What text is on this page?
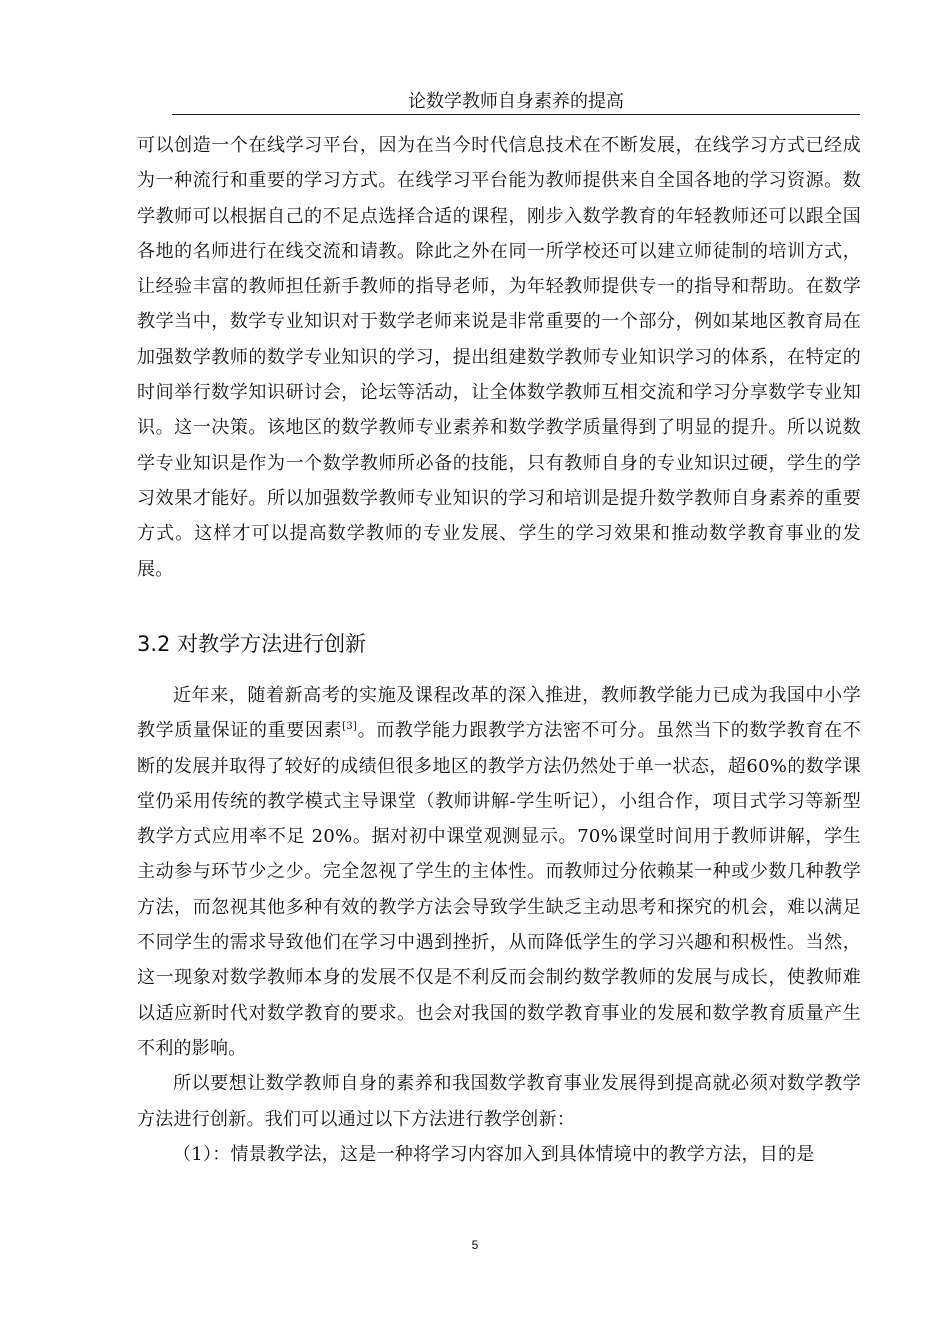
论数学教师自身素养的提高

可以创造一个在线学习平台，因为在当今时代信息技术在不断发展，在线学习方式已经成为一种流行和重要的学习方式。在线学习平台能为教师提供来自全国各地的学习资源。数学教师可以根据自己的不足点选择合适的课程，刚步入数学教育的年轻教师还可以跟全国各地的名师进行在线交流和请教。除此之外在同一所学校还可以建立师徒制的培训方式，让经验丰富的教师担任新手教师的指导老师，为年轻教师提供专一的指导和帮助。在数学教学当中，数学专业知识对于数学老师来说是非常重要的一个部分，例如某地区教育局在加强数学教师的数学专业知识的学习，提出组建数学教师专业知识学习的体系，在特定的时间举行数学知识研讨会，论坛等活动，让全体数学教师互相交流和学习分享数学专业知识。这一决策。该地区的数学教师专业素养和数学教学质量得到了明显的提升。所以说数学专业知识是作为一个数学教师所必备的技能，只有教师自身的专业知识过硬，学生的学习效果才能好。所以加强数学教师专业知识的学习和培训是提升数学教师自身素养的重要方式。这样才可以提高数学教师的专业发展、学生的学习效果和推动数学教育事业的发展。

3.2 对教学方法进行创新

近年来，随着新高考的实施及课程改革的深入推进，教师教学能力已成为我国中小学教学质量保证的重要因素[3]。而教学能力跟教学方法密不可分。虽然当下的数学教育在不断的发展并取得了较好的成绩但很多地区的教学方法仍然处于单一状态，超60%的数学课堂仍采用传统的教学模式主导课堂（教师讲解-学生听记），小组合作，项目式学习等新型教学方式应用率不足 20%。据对初中课堂观测显示。70%课堂时间用于教师讲解，学生主动参与环节少之少。完全忽视了学生的主体性。而教师过分依赖某一种或少数几种教学方法，而忽视其他多种有效的教学方法会导致学生缺乏主动思考和探究的机会，难以满足不同学生的需求导致他们在学习中遇到挫折，从而降低学生的学习兴趣和积极性。当然，这一现象对数学教师本身的发展不仅是不利反而会制约数学教师的发展与成长，使教师难以适应新时代对数学教育的要求。也会对我国的数学教育事业的发展和数学教育质量产生不利的影响。

所以要想让数学教师自身的素养和我国数学教育事业发展得到提高就必须对数学教学方法进行创新。我们可以通过以下方法进行教学创新：

（1）：情景教学法，这是一种将学习内容加入到具体情境中的教学方法，目的是

5
